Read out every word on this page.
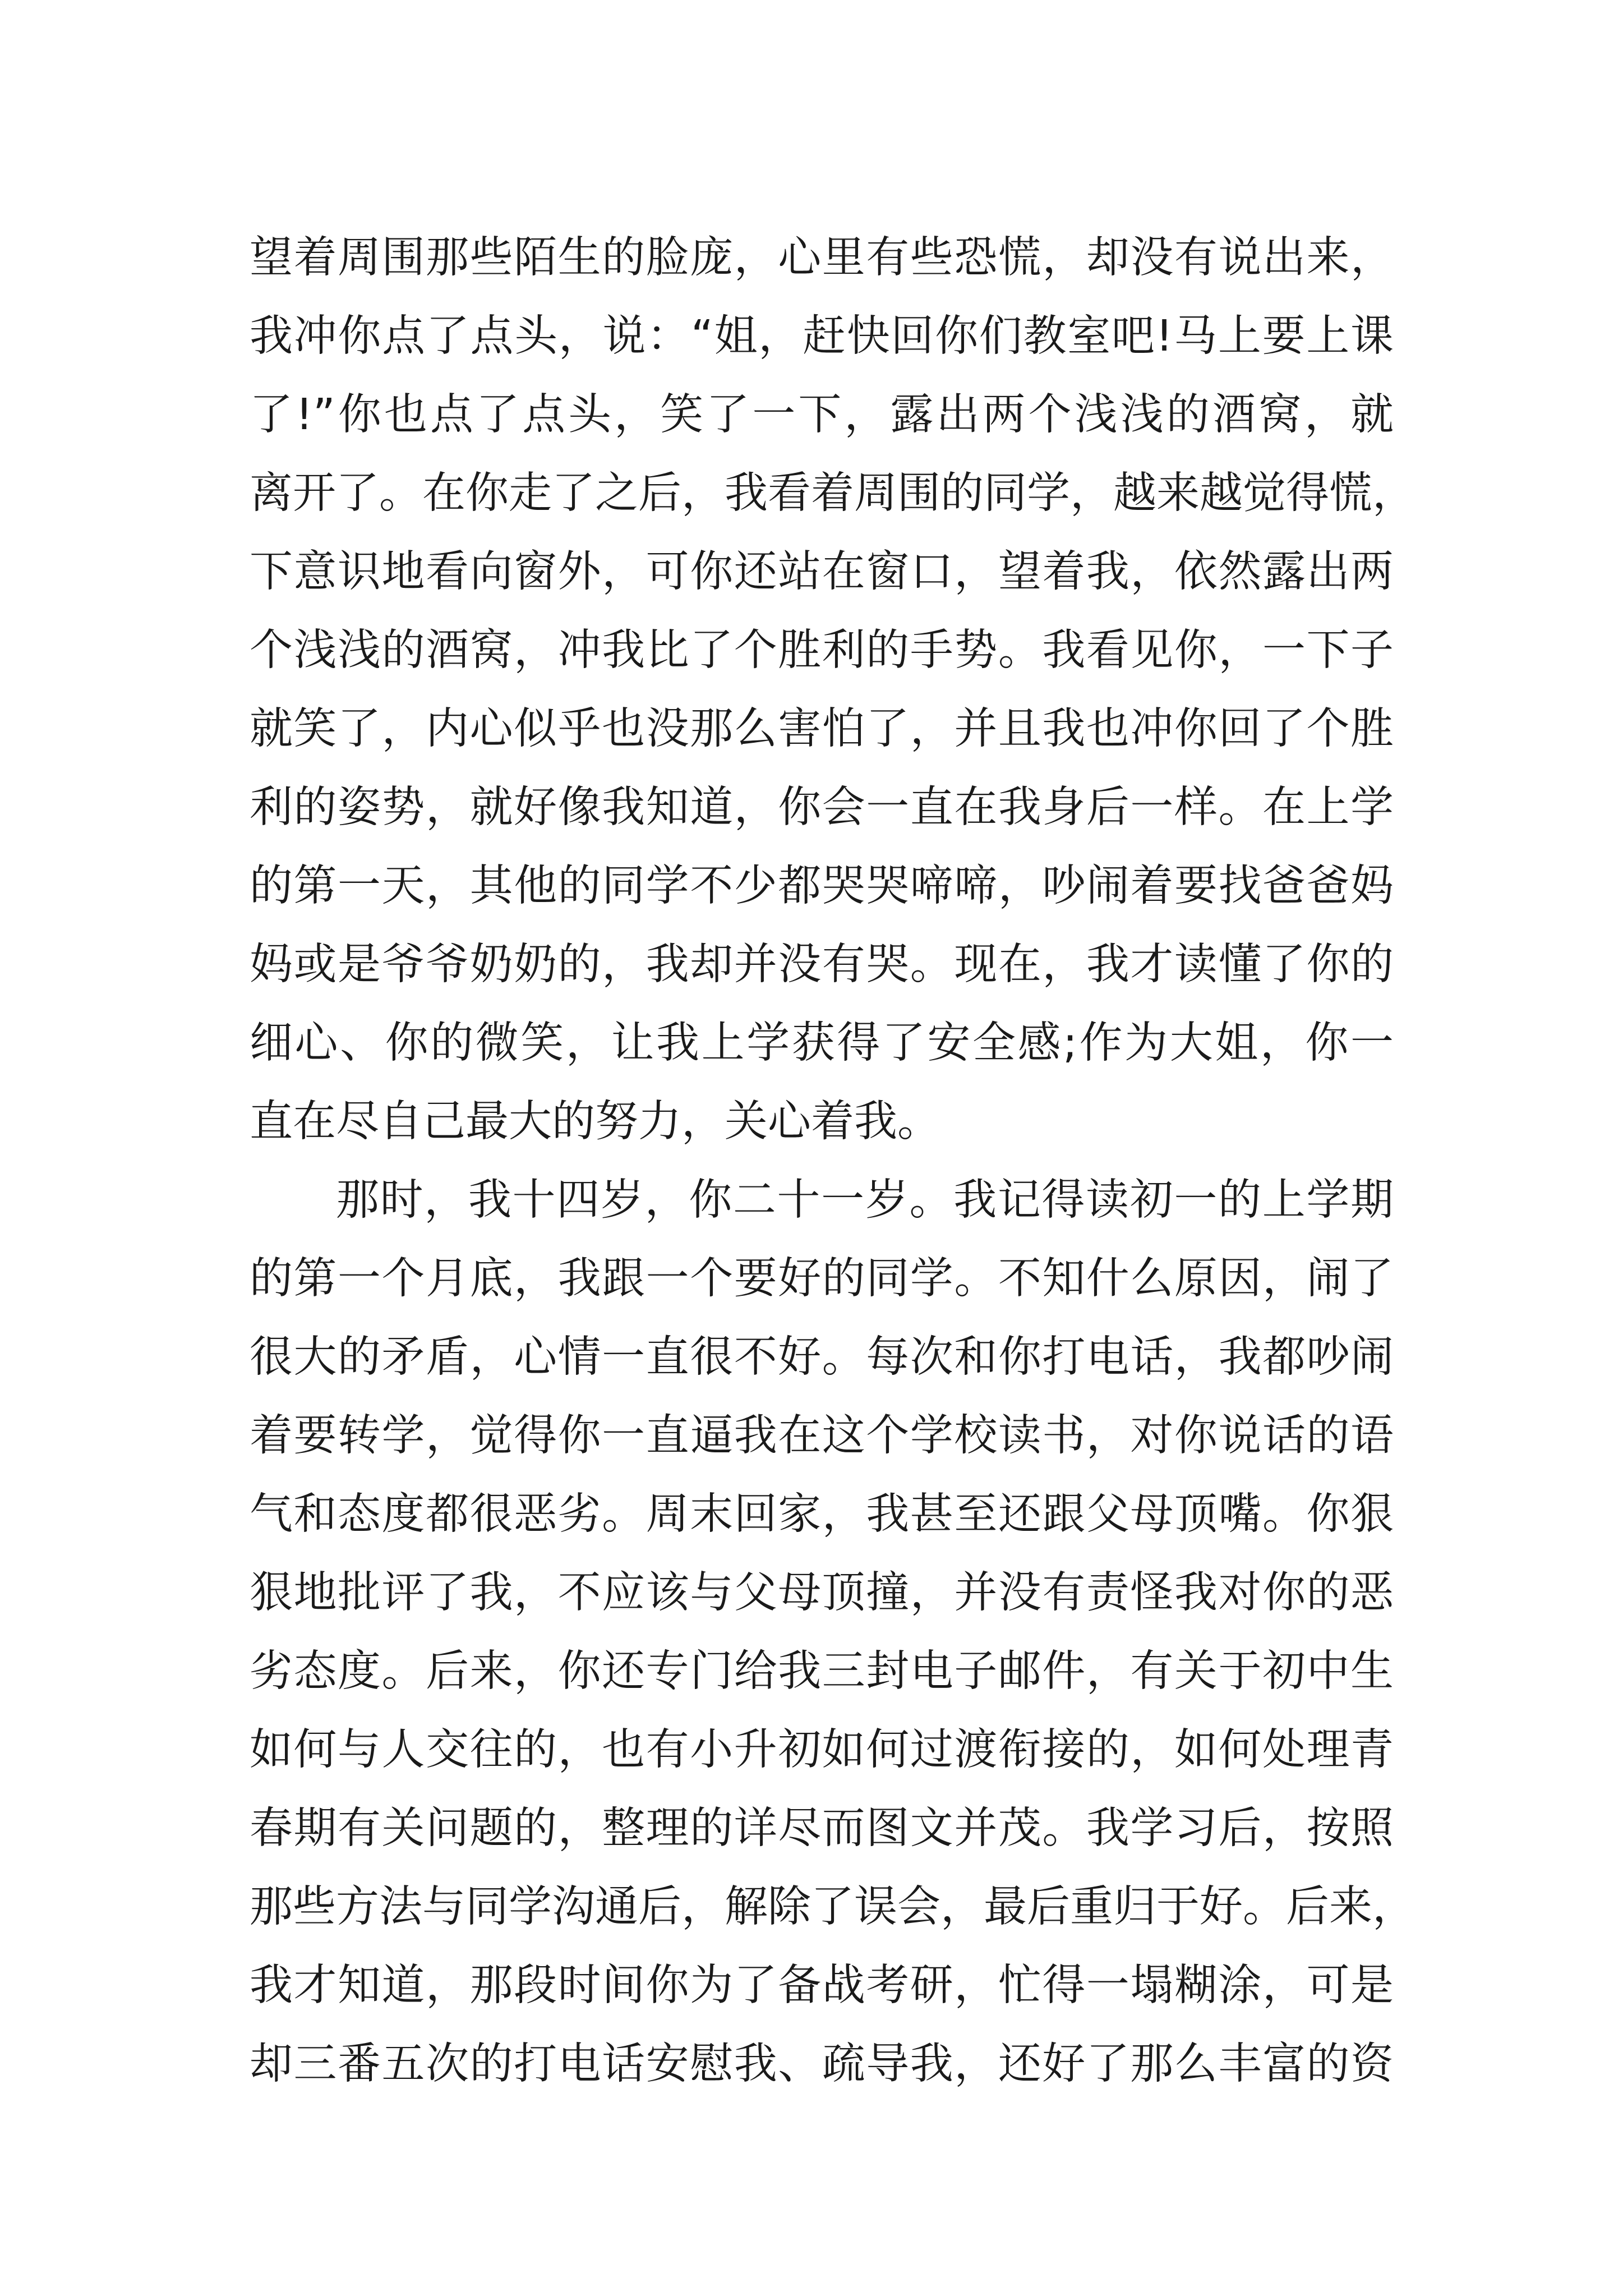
望着周围那些陌生的脸庞，心里有些恐慌，却没有说出来，
我冲你点了点头，说：“姐，赶快回你们教室吧!马上要上课
了!”你也点了点头，笑了一下，露出两个浅浅的酒窝，就
离开了。在你走了之后，我看着周围的同学，越来越觉得慌，
下意识地看向窗外，可你还站在窗口，望着我，依然露出两
个浅浅的酒窝，冲我比了个胜利的手势。我看见你，一下子
就笑了，内心似乎也没那么害怕了，并且我也冲你回了个胜
利的姿势，就好像我知道，你会一直在我身后一样。在上学
的第一天，其他的同学不少都哭哭啼啼，吵闹着要找爸爸妈
妈或是爷爷奶奶的，我却并没有哭。现在，我才读懂了你的
细心、你的微笑，让我上学获得了安全感;作为大姐，你一
直在尽自己最大的努力，关心着我。
那时，我十四岁，你二十一岁。我记得读初一的上学期
的第一个月底，我跟一个要好的同学。不知什么原因，闹了
很大的矛盾，心情一直很不好。每次和你打电话，我都吵闹
着要转学，觉得你一直逼我在这个学校读书，对你说话的语
气和态度都很恶劣。周末回家，我甚至还跟父母顶嘴。你狠
狠地批评了我，不应该与父母顶撞，并没有责怪我对你的恶
劣态度。后来，你还专门给我三封电子邮件，有关于初中生
如何与人交往的，也有小升初如何过渡衔接的，如何处理青
春期有关问题的，整理的详尽而图文并茂。我学习后，按照
那些方法与同学沟通后，解除了误会，最后重归于好。后来，
我才知道，那段时间你为了备战考研，忙得一塌糊涂，可是
却三番五次的打电话安慰我、疏导我，还好了那么丰富的资
